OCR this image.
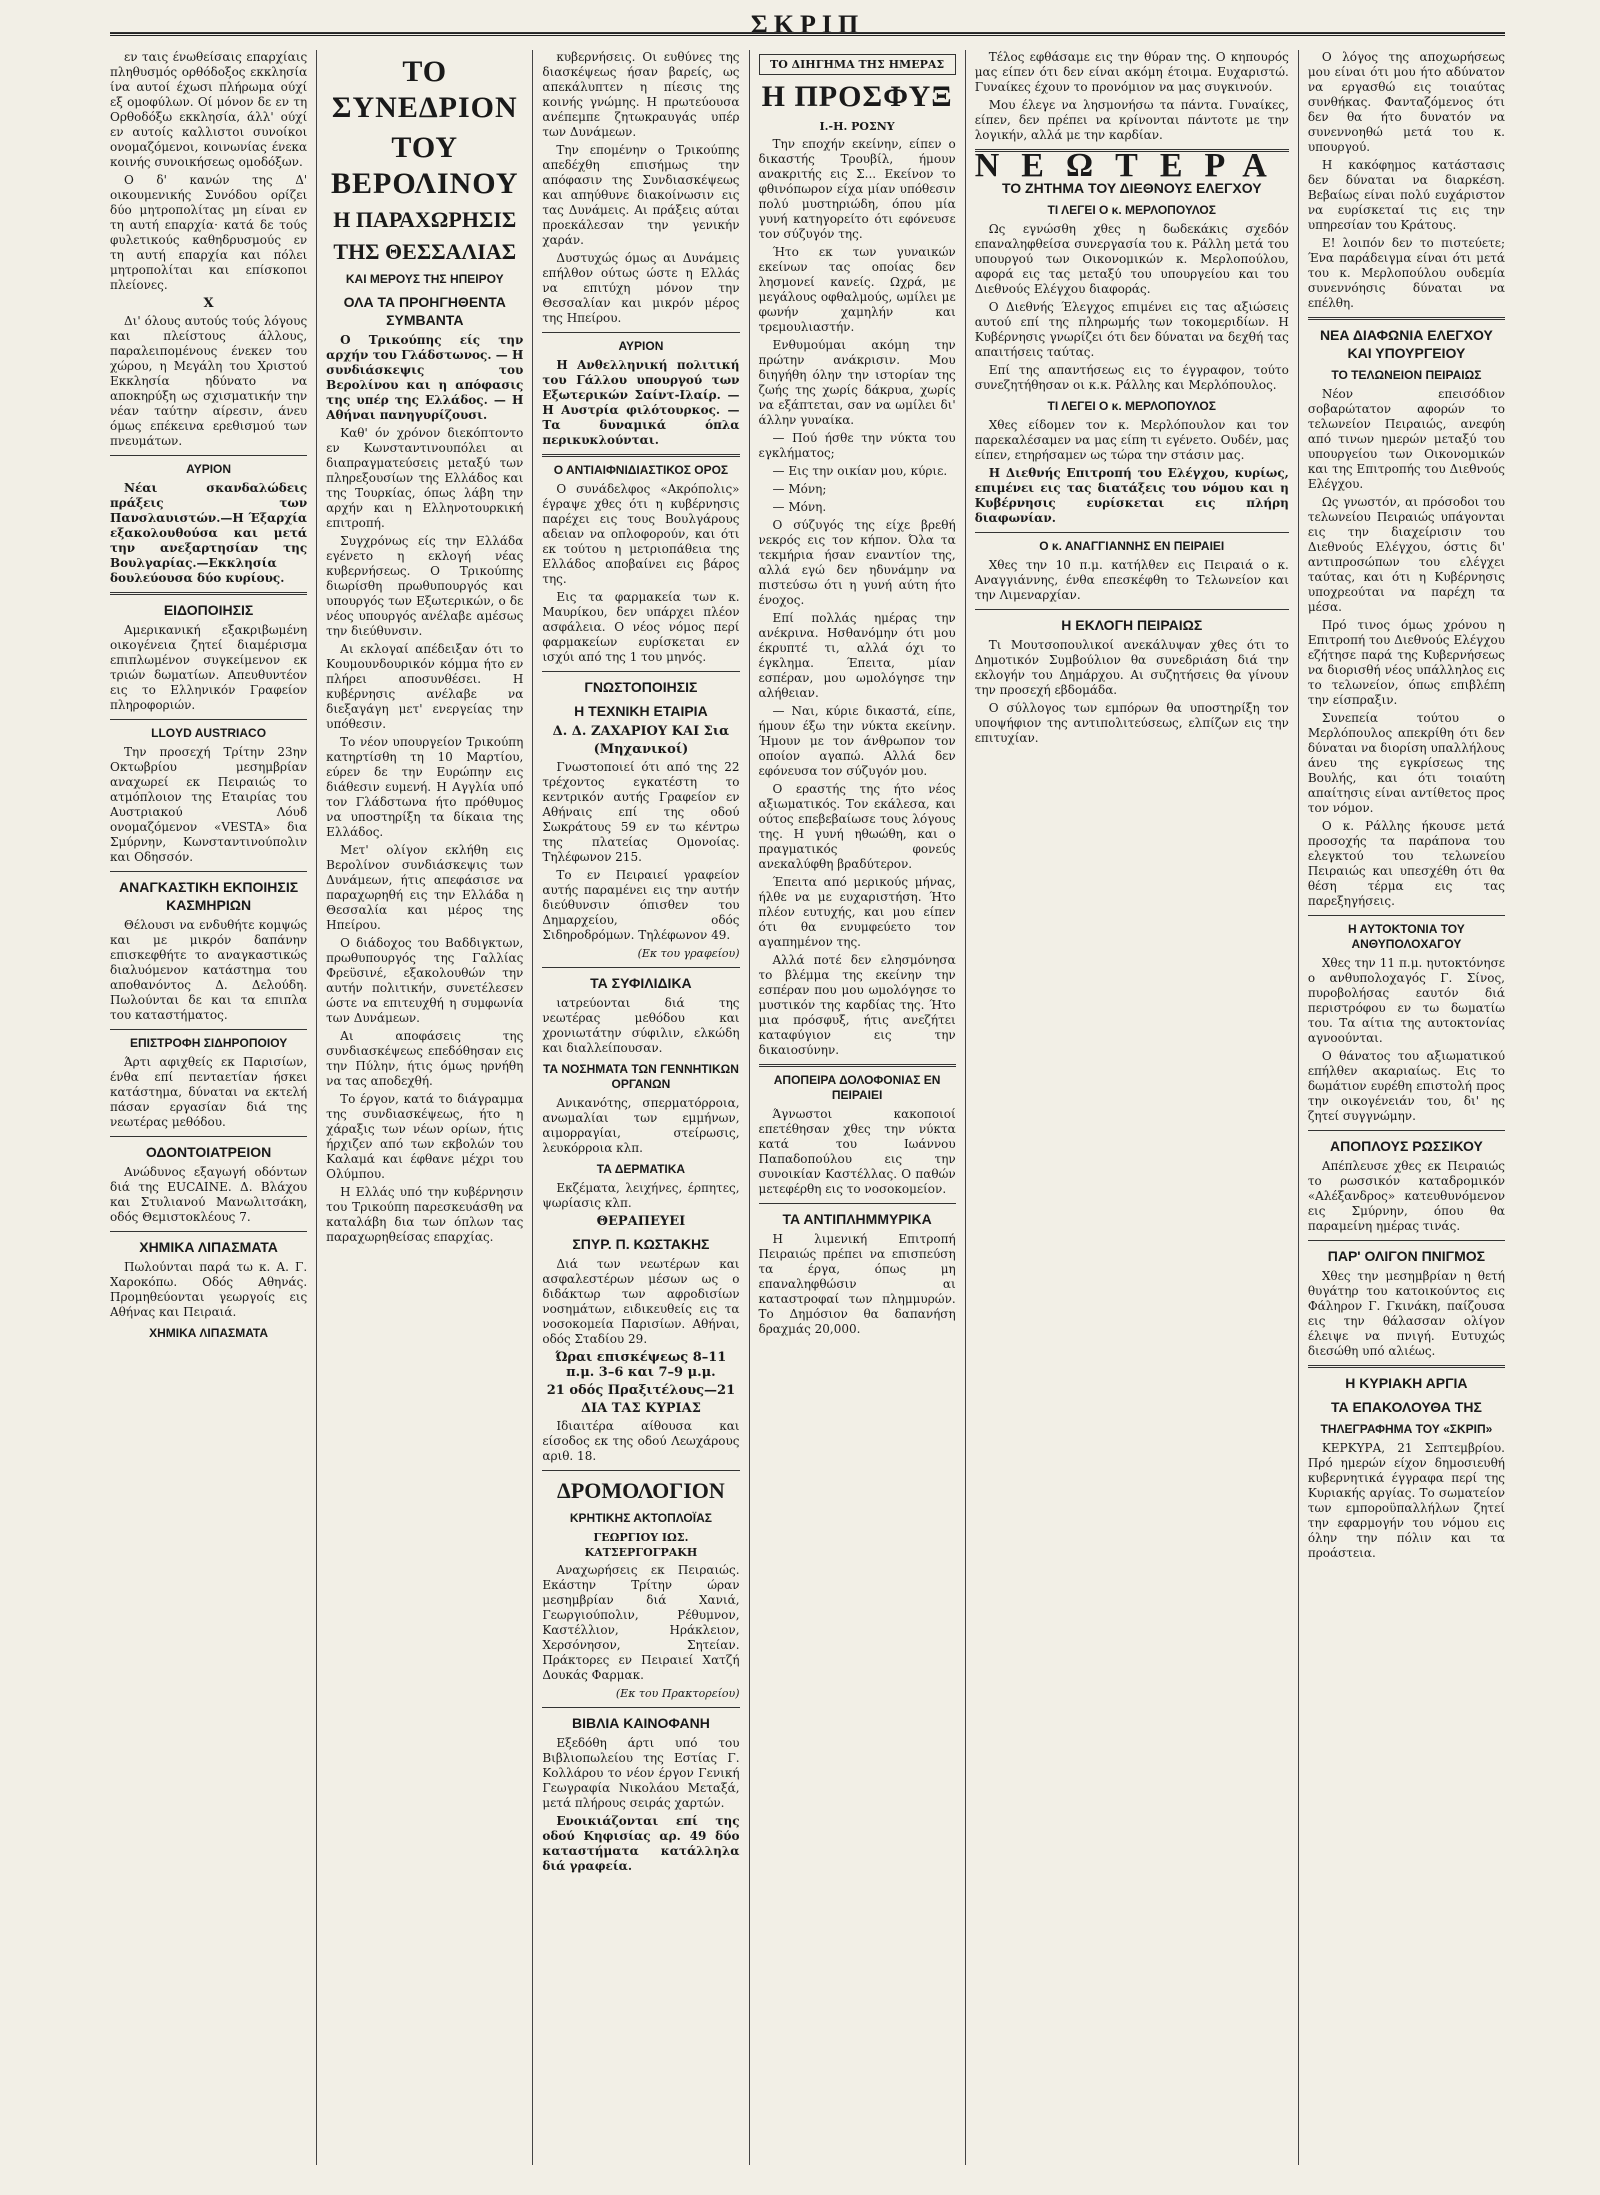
ΣΚΡΙΠ

εν ταις ένωθείσαις επαρχίαις πληθυσμός ορθόδοξος εκκλησία ίνα αυτοί έχωσι πλήρωμα ούχί εξ ομοφύλων. Οί μόνον δε εν τη Ορθοδόξω εκκλησία, άλλ' ούχί εν αυτοίς καλλιστοι συνοίκοι ονομαζόμενοι, κοινωνίας ένεκα κοινής συνοικήσεως ομοδόξων.

Ο δ' κανών της Δ' οικουμενικής Συνόδου ορίζει δύο μητροπολίτας μη είναι εν τη αυτή επαρχία· κατά δε τούς φυλετικούς καθηδρυσμούς εν τη αυτή επαρχία και πόλει μητροπολίται και επίσκοποι πλείονες.

Χ

Δι' όλους αυτούς τούς λόγους και πλείστους άλλους, παραλειπομένους ένεκεν του χώρου, η Μεγάλη του Χριστού Εκκλησία ηδύνατο να αποκηρύξη ως σχισματικήν την νέαν ταύτην αίρεσιν, άνευ όμως επέκεινα ερεθισμού των πνευμάτων.

ΑΥΡΙΟΝ

Νέαι σκανδαλώδεις πράξεις των Πανσλαυιστών.—Η Έξαρχία εξακολουθούσα και μετά την ανεξαρτησίαν της Βουλγαρίας.—Εκκλησία δουλεύουσα δύο κυρίους.

ΕΙΔΟΠΟΙΗΣΙΣ

Αμερικανική εξακριβωμένη οικογένεια ζητεί διαμέρισμα επιπλωμένον συγκείμενον εκ τριών δωματίων. Απευθυντέον εις το Ελληνικόν Γραφείον πληροφοριών.

LLOYD AUSTRIACO

Την προσεχή Τρίτην 23ην Οκτωβρίου μεσημβρίαν αναχωρεί εκ Πειραιώς το ατμόπλοιον της Εταιρίας του Αυστριακού Λόυδ ονομαζόμενον «VESTA» δια Σμύρνην, Κωνσταντινούπολιν και Οδησσόν.

ΑΝΑΓΚΑΣΤΙΚΗ ΕΚΠΟΙΗΣΙΣ ΚΑΣΜΗΡΙΩΝ

Θέλουσι να ενδυθήτε κομψώς και με μικρόν δαπάνην επισκεφθήτε το αναγκαστικώς διαλυόμενον κατάστημα του αποθανόντος Δ. Δελούδη. Πωλούνται δε και τα επιπλα του καταστήματος.

ΕΠΙΣΤΡΟΦΗ ΣΙΔΗΡΟΠΟΙΟΥ

Άρτι αφιχθείς εκ Παρισίων, ένθα επί πενταετίαν ήσκει κατάστημα, δύναται να εκτελή πάσαν εργασίαν διά της νεωτέρας μεθόδου.

ΟΔΟΝΤΟΙΑΤΡΕΙΟΝ

Ανώδυνος εξαγωγή οδόντων διά της EUCAINE. Δ. Βλάχου και Στυλιανού Μανωλιτσάκη, οδός Θεμιστοκλέους 7.

ΧΗΜΙΚΑ ΛΙΠΑΣΜΑΤΑ

Πωλούνται παρά τω κ. Α. Γ. Χαροκόπω. Οδός Αθηνάς. Προμηθεύονται γεωργοίς εις Αθήνας και Πειραιά.

ΧΗΜΙΚΑ ΛΙΠΑΣΜΑΤΑ
ΤΟ ΣΥΝΕΔΡΙΟΝ
ΤΟΥ ΒΕΡΟΛΙΝΟΥ
Η ΠΑΡΑΧΩΡΗΣΙΣ
ΤΗΣ ΘΕΣΣΑΛΙΑΣ
ΚΑΙ ΜΕΡΟΥΣ ΤΗΣ ΗΠΕΙΡΟΥ
ΟΛΑ ΤΑ ΠΡΟΗΓΗΘΕΝΤΑ ΣΥΜΒΑΝΤΑ

Ο Τρικούπης είς την αρχήν του Γλάδστωνος. — Η συνδιάσκεψις του Βερολίνου και η απόφασις της υπέρ της Ελλάδος. — Η Αθήναι πανηγυρίζουσι.

Καθ' όν χρόνον διεκόπτοντο εν Κωνσταντινουπόλει αι διαπραγματεύσεις μεταξύ των πληρεξουσίων της Ελλάδος και της Τουρκίας, όπως λάβη την αρχήν και η Ελληνοτουρκική επιτροπή.

Συγχρόνως είς την Ελλάδα εγένετο η εκλογή νέας κυβερνήσεως. Ο Τρικούπης διωρίσθη πρωθυπουργός και υπουργός των Εξωτερικών, ο δε νέος υπουργός ανέλαβε αμέσως την διεύθυνσιν.

Αι εκλογαί απέδειξαν ότι το Κουμουνδουρικόν κόμμα ήτο εν πλήρει αποσυνθέσει. Η κυβέρνησις ανέλαβε να διεξαγάγη μετ' ενεργείας την υπόθεσιν.

Το νέον υπουργείον Τρικούπη κατηρτίσθη τη 10 Μαρτίου, εύρεν δε την Ευρώπην εις διάθεσιν ευμενή. Η Αγγλία υπό τον Γλάδστωνα ήτο πρόθυμος να υποστηρίξη τα δίκαια της Ελλάδος.

Μετ' ολίγον εκλήθη εις Βερολίνον συνδιάσκεψις των Δυνάμεων, ήτις απεφάσισε να παραχωρηθή εις την Ελλάδα η Θεσσαλία και μέρος της Ηπείρου.

Ο διάδοχος του Βαδδιγκτων, πρωθυπουργός της Γαλλίας Φρεϋσινέ, εξακολουθών την αυτήν πολιτικήν, συνετέλεσεν ώστε να επιτευχθή η συμφωνία των Δυνάμεων.

Αι αποφάσεις της συνδιασκέψεως επεδόθησαν εις την Πύλην, ήτις όμως ηρνήθη να τας αποδεχθή.

Το έργον, κατά το διάγραμμα της συνδιασκέψεως, ήτο η χάραξις των νέων ορίων, ήτις ήρχιζεν από των εκβολών του Καλαμά και έφθανε μέχρι του Ολύμπου.

Η Ελλάς υπό την κυβέρνησιν του Τρικούπη παρεσκευάσθη να καταλάβη δια των όπλων τας παραχωρηθείσας επαρχίας.

κυβερνήσεις. Οι ευθύνες της διασκέψεως ήσαν βαρείς, ως απεκάλυπτεν η πίεσις της κοινής γνώμης. Η πρωτεύουσα ανέπεμπε ζητωκραυγάς υπέρ των Δυνάμεων.

Την επομένην ο Τρικούπης απεδέχθη επισήμως την απόφασιν της Συνδιασκέψεως και απηύθυνε διακοίνωσιν εις τας Δυνάμεις. Αι πράξεις αύται προεκάλεσαν την γενικήν χαράν.

Δυστυχώς όμως αι Δυνάμεις επήλθον ούτως ώστε η Ελλάς να επιτύχη μόνον την Θεσσαλίαν και μικρόν μέρος της Ηπείρου.

ΑΥΡΙΟΝ

Η Ανθελληνική πολιτική του Γάλλου υπουργού των Εξωτερικών Σαίντ-Ιλαίρ. — Η Αυστρία φιλότουρκος. — Τα δυναμικά όπλα περικυκλούνται.

Ο ΑΝΤΙΑΙΦΝΙΔΙΑΣΤΙΚΟΣ ΟΡΟΣ

Ο συνάδελφος «Ακρόπολις» έγραψε χθες ότι η κυβέρνησις παρέχει εις τους Βουλγάρους αδειαν να οπλοφορούν, και ότι εκ τούτου η μετριοπάθεια της Ελλάδος αποβαίνει εις βάρος της.

Εις τα φαρμακεία των κ. Μαυρίκου, δεν υπάρχει πλέον ασφάλεια. Ο νέος νόμος περί φαρμακείων ευρίσκεται εν ισχύι από της 1 του μηνός.

ΓΝΩΣΤΟΠΟΙΗΣΙΣ
Η ΤΕΧΝΙΚΗ ΕΤΑΙΡΙΑ
Δ. Δ. ΖΑΧΑΡΙΟΥ ΚΑΙ Σια
(Μηχανικοί)

Γνωστοποιεί ότι από της 22 τρέχοντος εγκατέστη το κεντρικόν αυτής Γραφείον εν Αθήναις επί της οδού Σωκράτους 59 εν τω κέντρω της πλατείας Ομονοίας. Τηλέφωνον 215.

Το εν Πειραιεί γραφείον αυτής παραμένει εις την αυτήν διεύθυνσιν όπισθεν του Δημαρχείου, οδός Σιδηροδρόμων. Τηλέφωνον 49.

(Εκ του γραφείου)
ΤΑ ΣΥΦΙΛΙΔΙΚΑ

ιατρεύονται διά της νεωτέρας μεθόδου και χρονιωτάτην σύφιλιν, ελκώδη και διαλλείπουσαν.

ΤΑ ΝΟΣΗΜΑΤΑ ΤΩΝ ΓΕΝΝΗΤΙΚΩΝ ΟΡΓΑΝΩΝ

Ανικανότης, σπερματόρροια, ανωμαλίαι των εμμήνων, αιμορραγίαι, στείρωσις, λευκόρροια κλπ.

ΤΑ ΔΕΡΜΑΤΙΚΑ

Εκζέματα, λειχήνες, έρπητες, ψωρίασις κλπ.

ΘΕΡΑΠΕΥΕΙ
ΣΠΥΡ. Π. ΚΩΣΤΑΚΗΣ

Διά των νεωτέρων και ασφαλεστέρων μέσων ως ο διδάκτωρ των αφροδισίων νοσημάτων, ειδικευθείς εις τα νοσοκομεία Παρισίων. Αθήναι, οδός Σταδίου 29.

Ώραι επισκέψεως 8–11 π.μ. 3–6 και 7–9 μ.μ.
21 οδός Πραξιτέλους—21
ΔΙΑ ΤΑΣ ΚΥΡΙΑΣ

Ιδιαιτέρα αίθουσα και είσοδος εκ της οδού Λεωχάρους αριθ. 18.

ΔΡΟΜΟΛΟΓΙΟΝ
ΚΡΗΤΙΚΗΣ ΑΚΤΟΠΛΟΪΑΣ
ΓΕΩΡΓΙΟΥ ΙΩΣ. ΚΑΤΣΕΡΓΟΓΡΑΚΗ

Αναχωρήσεις εκ Πειραιώς. Εκάστην Τρίτην ώραν μεσημβρίαν διά Χανιά, Γεωργιούπολιν, Ρέθυμνον, Καστέλλιον, Ηράκλειον, Χερσόνησον, Σητείαν. Πράκτορες εν Πειραιεί Χατζή Δουκάς Φαρμακ.

(Εκ του Πρακτορείου)
ΒΙΒΛΙΑ ΚΑΙΝΟΦΑΝΗ

Εξεδόθη άρτι υπό του Βιβλιοπωλείου της Εστίας Γ. Κολλάρου το νέον έργον Γενική Γεωγραφία Νικολάου Μεταξά, μετά πλήρους σειράς χαρτών.

Ενοικιάζονται επί της οδού Κηφισίας αρ. 49 δύο καταστήματα κατάλληλα διά γραφεία.

ΤΟ ΔΙΗΓΗΜΑ ΤΗΣ ΗΜΕΡΑΣ
Η ΠΡΟΣΦΥΞ
Ι.-Η. ΡΟΣΝΥ

Την εποχήν εκείνην, είπεν ο δικαστής Τρουβίλ, ήμουν ανακριτής εις Σ... Εκείνον το φθινόπωρον είχα μίαν υπόθεσιν πολύ μυστηριώδη, όπου μία γυνή κατηγορείτο ότι εφόνευσε τον σύζυγόν της.

Ήτο εκ των γυναικών εκείνων τας οποίας δεν λησμονεί κανείς. Ωχρά, με μεγάλους οφθαλμούς, ωμίλει με φωνήν χαμηλήν και τρεμουλιαστήν.

Ενθυμούμαι ακόμη την πρώτην ανάκρισιν. Μου διηγήθη όλην την ιστορίαν της ζωής της χωρίς δάκρυα, χωρίς να εξάπτεται, σαν να ωμίλει δι' άλλην γυναίκα.

— Πού ήσθε την νύκτα του εγκλήματος;

— Εις την οικίαν μου, κύριε.

— Μόνη;

— Μόνη.

Ο σύζυγός της είχε βρεθή νεκρός εις τον κήπον. Όλα τα τεκμήρια ήσαν εναντίον της, αλλά εγώ δεν ηδυνάμην να πιστεύσω ότι η γυνή αύτη ήτο ένοχος.

Επί πολλάς ημέρας την ανέκρινα. Ησθανόμην ότι μου έκρυπτέ τι, αλλά όχι το έγκλημα. Έπειτα, μίαν εσπέραν, μου ωμολόγησε την αλήθειαν.

— Ναι, κύριε δικαστά, είπε, ήμουν έξω την νύκτα εκείνην. Ήμουν με τον άνθρωπον τον οποίον αγαπώ. Αλλά δεν εφόνευσα τον σύζυγόν μου.

Ο εραστής της ήτο νέος αξιωματικός. Τον εκάλεσα, και ούτος επεβεβαίωσε τους λόγους της. Η γυνή ηθωώθη, και ο πραγματικός φονεύς ανεκαλύφθη βραδύτερον.

Έπειτα από μερικούς μήνας, ήλθε να με ευχαριστήση. Ήτο πλέον ευτυχής, και μου είπεν ότι θα ενυμφεύετο τον αγαπημένον της.

Αλλά ποτέ δεν ελησμόνησα το βλέμμα της εκείνην την εσπέραν που μου ωμολόγησε το μυστικόν της καρδίας της. Ήτο μια πρόσφυξ, ήτις ανεζήτει καταφύγιον εις την δικαιοσύνην.

ΑΠΟΠΕΙΡΑ ΔΟΛΟΦΟΝΙΑΣ ΕΝ ΠΕΙΡΑΙΕΙ

Άγνωστοι κακοποιοί επετέθησαν χθες την νύκτα κατά του Ιωάννου Παπαδοπούλου εις την συνοικίαν Καστέλλας. Ο παθών μετεφέρθη εις το νοσοκομείον.

ΤΑ ΑΝΤΙΠΛΗΜΜΥΡΙΚΑ

Η λιμενική Επιτροπή Πειραιώς πρέπει να επισπεύση τα έργα, όπως μη επαναληφθώσιν αι καταστροφαί των πλημμυρών. Το Δημόσιον θα δαπανήση δραχμάς 20,000.

Τέλος εφθάσαμε εις την θύραν της. Ο κηπουρός μας είπεν ότι δεν είναι ακόμη έτοιμα. Ευχαριστώ. Γυναίκες έχουν το προνόμιον να μας συγκινούν.

Μου έλεγε να λησμονήσω τα πάντα. Γυναίκες, είπεν, δεν πρέπει να κρίνονται πάντοτε με την λογικήν, αλλά με την καρδίαν.

ΝΕΩΤΕΡΑ
ΤΟ ΖΗΤΗΜΑ ΤΟΥ ΔΙΕΘΝΟΥΣ ΕΛΕΓΧΟΥ
ΤΙ ΛΕΓΕΙ Ο κ. ΜΕΡΛΟΠΟΥΛΟΣ

Ως εγνώσθη χθες η δωδεκάκις σχεδόν επαναληφθείσα συνεργασία του κ. Ράλλη μετά του υπουργού των Οικονομικών κ. Μερλοπούλου, αφορά εις τας μεταξύ του υπουργείου και του Διεθνούς Ελέγχου διαφοράς.

Ο Διεθνής Έλεγχος επιμένει εις τας αξιώσεις αυτού επί της πληρωμής των τοκομεριδίων. Η Κυβέρνησις γνωρίζει ότι δεν δύναται να δεχθή τας απαιτήσεις ταύτας.

Επί της απαντήσεως εις το έγγραφον, τούτο συνεζητήθησαν οι κ.κ. Ράλλης και Μερλόπουλος.

ΤΙ ΛΕΓΕΙ Ο κ. ΜΕΡΛΟΠΟΥΛΟΣ

Χθες είδομεν τον κ. Μερλόπουλον και τον παρεκαλέσαμεν να μας είπη τι εγένετο. Ουδέν, μας είπεν, ετηρήσαμεν ως τώρα την στάσιν μας.

Η Διεθνής Επιτροπή του Ελέγχου, κυρίως, επιμένει εις τας διατάξεις του νόμου και η Κυβέρνησις ευρίσκεται εις πλήρη διαφωνίαν.

Ο κ. ΑΝΑΓΓΙΑΝΝΗΣ ΕΝ ΠΕΙΡΑΙΕΙ

Χθες την 10 π.μ. κατήλθεν εις Πειραιά ο κ. Αναγγιάννης, ένθα επεσκέφθη το Τελωνείον και την Λιμεναρχίαν.

Η ΕΚΛΟΓΗ ΠΕΙΡΑΙΩΣ

Τι Μουτσοπουλικοί ανεκάλυψαν χθες ότι το Δημοτικόν Συμβούλιον θα συνεδριάση διά την εκλογήν του Δημάρχου. Αι συζητήσεις θα γίνουν την προσεχή εβδομάδα.

Ο σύλλογος των εμπόρων θα υποστηρίξη τον υποψήφιον της αντιπολιτεύσεως, ελπίζων εις την επιτυχίαν.

Ο λόγος της αποχωρήσεως μου είναι ότι μου ήτο αδύνατον να εργασθώ εις τοιαύτας συνθήκας. Φανταζόμενος ότι δεν θα ήτο δυνατόν να συνεννοηθώ μετά του κ. υπουργού.

Η κακόφημος κατάστασις δεν δύναται να διαρκέση. Βεβαίως είναι πολύ ευχάριστον να ευρίσκεταί τις εις την υπηρεσίαν του Κράτους.

Ε! λοιπόν δεν το πιστεύετε; Ένα παράδειγμα είναι ότι μετά του κ. Μερλοπούλου ουδεμία συνεννόησις δύναται να επέλθη.

ΝΕΑ ΔΙΑΦΩΝΙΑ ΕΛΕΓΧΟΥ ΚΑΙ ΥΠΟΥΡΓΕΙΟΥ
ΤΟ ΤΕΛΩΝΕΙΟΝ ΠΕΙΡΑΙΩΣ

Νέον επεισόδιον σοβαρώτατον αφορών το τελωνείον Πειραιώς, ανεφύη από τινων ημερών μεταξύ του υπουργείου των Οικονομικών και της Επιτροπής του Διεθνούς Ελέγχου.

Ως γνωστόν, αι πρόσοδοι του τελωνείου Πειραιώς υπάγονται εις την διαχείρισιν του Διεθνούς Ελέγχου, όστις δι' αντιπροσώπων του ελέγχει ταύτας, και ότι η Κυβέρνησις υποχρεούται να παρέχη τα μέσα.

Πρό τινος όμως χρόνου η Επιτροπή του Διεθνούς Ελέγχου εζήτησε παρά της Κυβερνήσεως να διορισθή νέος υπάλληλος εις το τελωνείον, όπως επιβλέπη την είσπραξιν.

Συνεπεία τούτου ο Μερλόπουλος απεκρίθη ότι δεν δύναται να διορίση υπαλλήλους άνευ της εγκρίσεως της Βουλής, και ότι τοιαύτη απαίτησις είναι αντίθετος προς τον νόμον.

Ο κ. Ράλλης ήκουσε μετά προσοχής τα παράπονα του ελεγκτού του τελωνείου Πειραιώς και υπεσχέθη ότι θα θέση τέρμα εις τας παρεξηγήσεις.

Η ΑΥΤΟΚΤΟΝΙΑ ΤΟΥ ΑΝΘΥΠΟΛΟΧΑΓΟΥ

Χθες την 11 π.μ. ηυτοκτόνησε ο ανθυπολοχαγός Γ. Σίνος, πυροβολήσας εαυτόν διά περιστρόφου εν τω δωματίω του. Τα αίτια της αυτοκτονίας αγνοούνται.

Ο θάνατος του αξιωματικού επήλθεν ακαριαίως. Εις το δωμάτιον ευρέθη επιστολή προς την οικογένειάν του, δι' ης ζητεί συγγνώμην.

ΑΠΟΠΛΟΥΣ ΡΩΣΣΙΚΟΥ

Απέπλευσε χθες εκ Πειραιώς το ρωσσικόν καταδρομικόν «Αλέξανδρος» κατευθυνόμενον εις Σμύρνην, όπου θα παραμείνη ημέρας τινάς.

ΠΑΡ' ΟΛΙΓΟΝ ΠΝΙΓΜΟΣ

Χθες την μεσημβρίαν η θετή θυγάτηρ του κατοικούντος εις Φάληρον Γ. Γκινάκη, παίζουσα εις την θάλασσαν ολίγον έλειψε να πνιγή. Ευτυχώς διεσώθη υπό αλιέως.

Η ΚΥΡΙΑΚΗ ΑΡΓΙΑ
ΤΑ ΕΠΑΚΟΛΟΥΘΑ ΤΗΣ
ΤΗΛΕΓΡΑΦΗΜΑ ΤΟΥ «ΣΚΡΙΠ»

ΚΕΡΚΥΡΑ, 21 Σεπτεμβρίου. Πρό ημερών είχον δημοσιευθή κυβερνητικά έγγραφα περί της Κυριακής αργίας. Το σωματείον των εμποροϋπαλλήλων ζητεί την εφαρμογήν του νόμου εις όλην την πόλιν και τα προάστεια.
